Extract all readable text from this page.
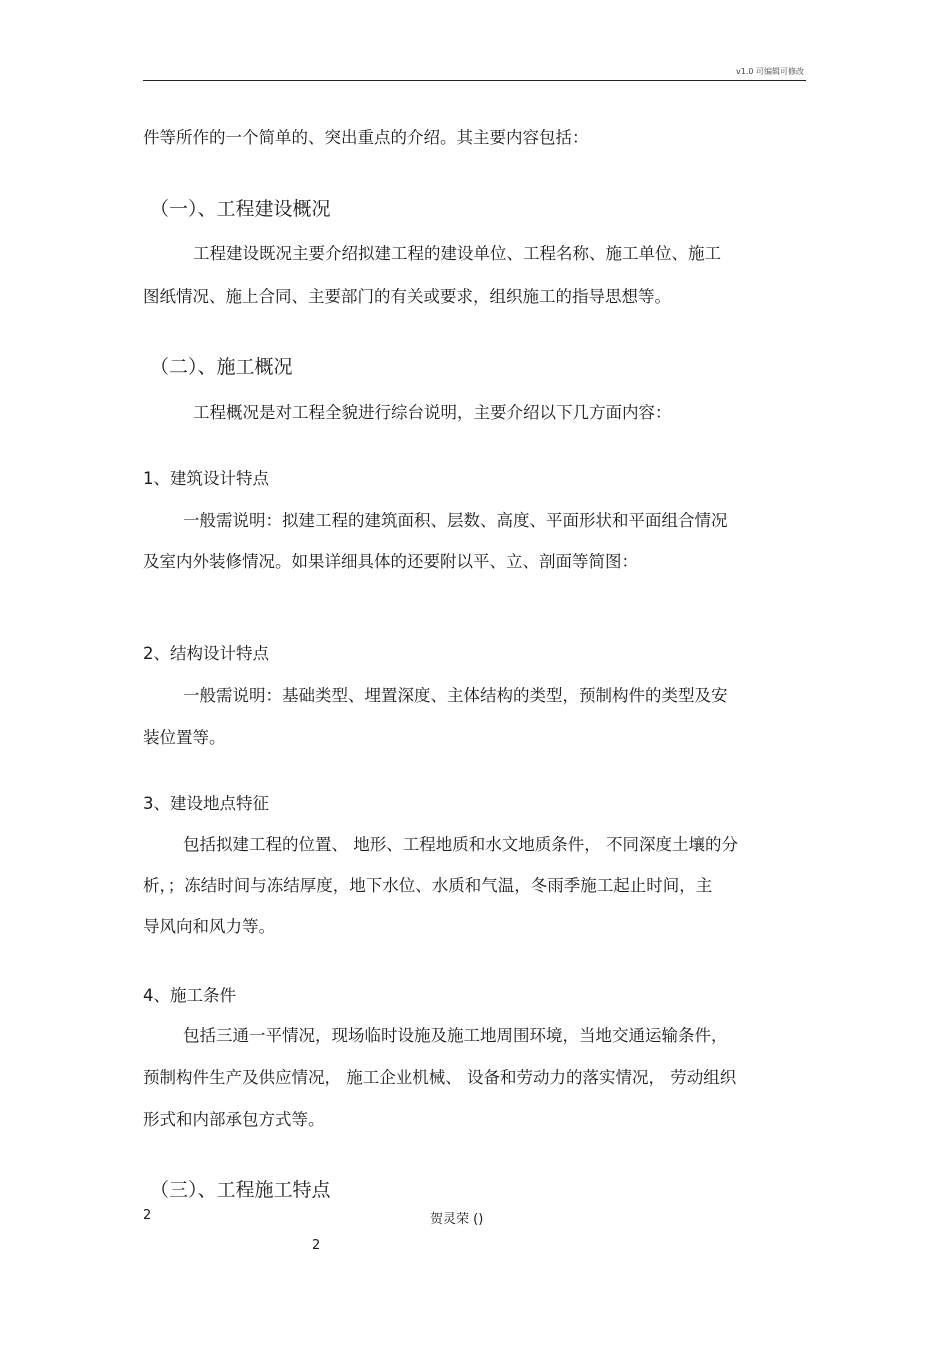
v1.0 可编辑可修改
件等所作的一个简单的、突出重点的介绍。其主要内容包括：
（一）、工程建设概况
工程建设既况主要介绍拟建工程的建设单位、工程名称、施工单位、施工
图纸情况、施上合同、主要部门的有关或要求，组织施工的指导思想等。
（二）、施工概况
工程概况是对工程全貌进行综台说明，主要介绍以下几方面内容：
1、建筑设计特点
一般需说明：拟建工程的建筑面积、层数、高度、平面形状和平面组合情况
及室内外装修情况。如果详细具体的还要附以平、立、剖面等简图：
2、结构设计特点
一般需说明：基础类型、埋置深度、主体结构的类型，预制构件的类型及安
装位置等。
3、建设地点特征
包括拟建工程的位置、 地形、工程地质和水文地质条件， 不同深度土壤的分
析，；冻结时间与冻结厚度，地下水位、水质和气温，冬雨季施工起止时间，主
导风向和风力等。
4、施工条件
包括三通一平情况，现场临时设施及施工地周围环境，当地交通运输条件，
预制构件生产及供应情况， 施工企业机械、 设备和劳动力的落实情况， 劳动组织
形式和内部承包方式等。
（三）、工程施工特点
2	贺灵荣 ()
2
